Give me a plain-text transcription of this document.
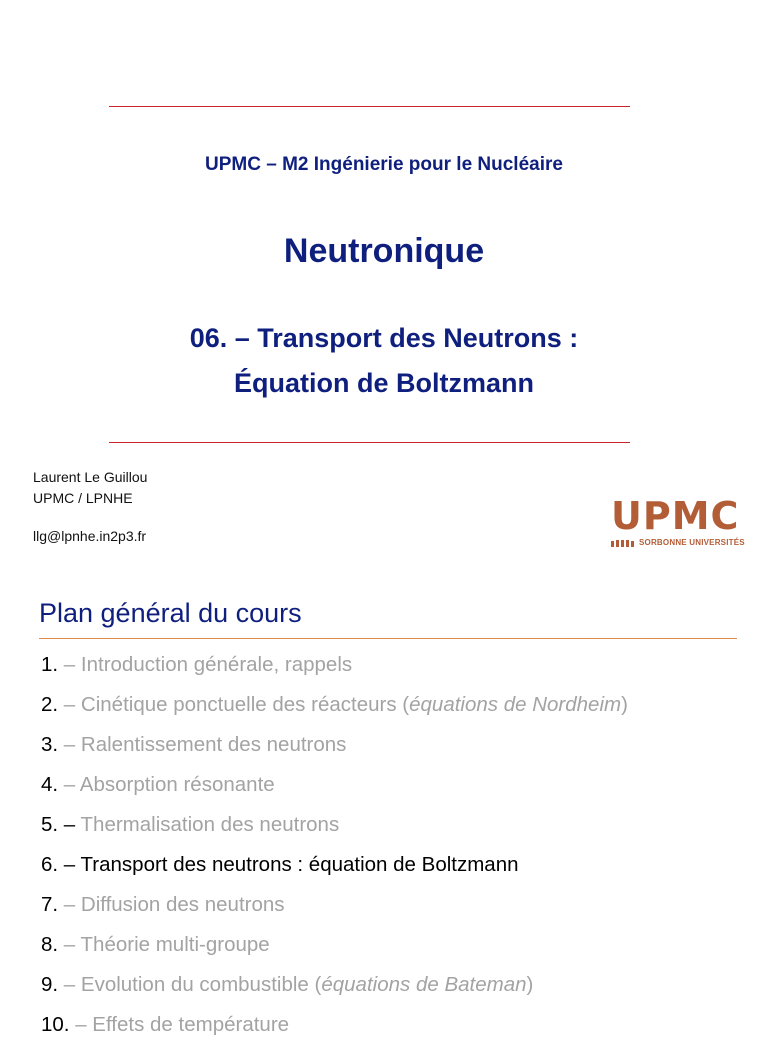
UPMC – M2 Ingénierie pour le Nucléaire
Neutronique
06. – Transport des Neutrons :
Équation de Boltzmann
Laurent Le Guillou
UPMC / LPNHE
llg@lpnhe.in2p3.fr	UPMC
SORBONNE UNIVERSITÉS
Plan général du cours
1. – Introduction générale, rappels
2. – Cinétique ponctuelle des réacteurs (équations de Nordheim)
3. – Ralentissement des neutrons
4. – Absorption résonante
5. – Thermalisation des neutrons
6. – Transport des neutrons : équation de Boltzmann
7. – Diffusion des neutrons
8. – Théorie multi-groupe
9. – Evolution du combustible (équations de Bateman)
10. – Effets de température
